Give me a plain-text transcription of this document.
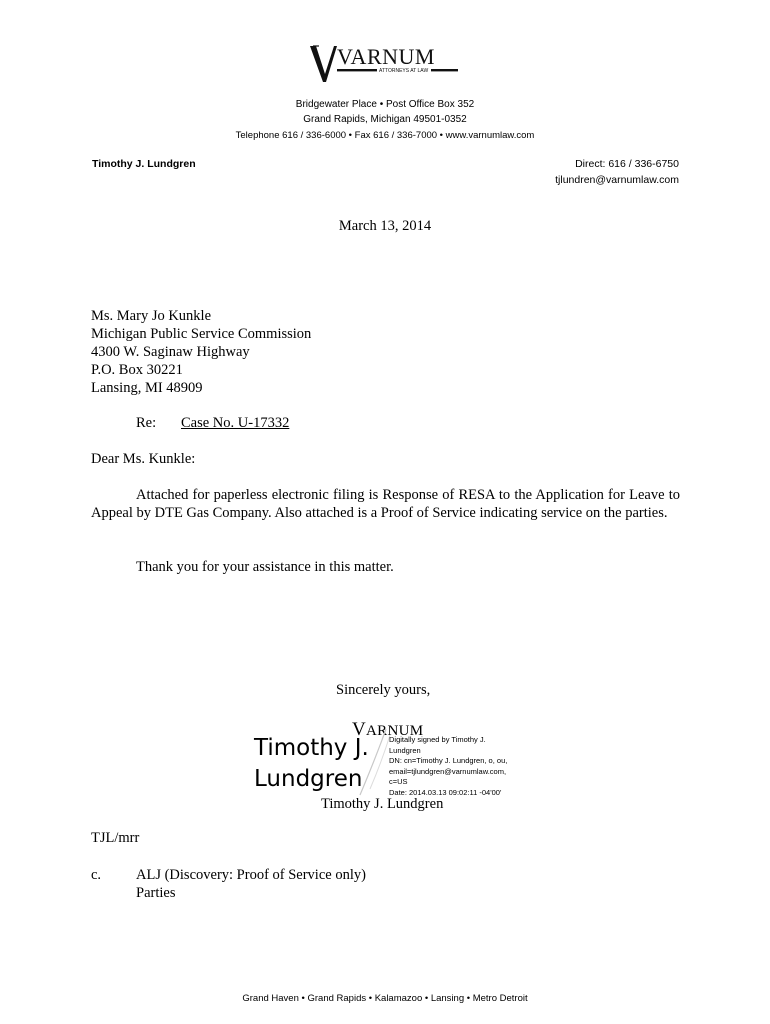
VARNUM
ATTORNEYS AT LAW
Bridgewater Place • Post Office Box 352
Grand Rapids, Michigan 49501-0352
Telephone 616 / 336-6000 • Fax 616 / 336-7000 • www.varnumlaw.com
Timothy J. Lundgren	Direct: 616 / 336-6750
tjlundren@varnumlaw.com
March 13, 2014
Ms. Mary Jo Kunkle
Michigan Public Service Commission
4300 W. Saginaw Highway
P.O. Box 30221
Lansing, MI 48909
Re: Case No. U-17332
Dear Ms. Kunkle:
Attached for paperless electronic filing is Response of RESA to the Application for Leave to Appeal by DTE Gas Company. Also attached is a Proof of Service indicating service on the parties.
Thank you for your assistance in this matter.
Sincerely yours,
VARNUM
Timothy J.
Lundgren
Digitally signed by Timothy J.
Lundgren
DN: cn=Timothy J. Lundgren, o, ou,
email=tjlundgren@varnumlaw.com,
c=US
Date: 2014.03.13 09:02:11 -04'00'
Timothy J. Lundgren
TJL/mrr
c. ALJ (Discovery: Proof of Service only)
Parties
Grand Haven • Grand Rapids • Kalamazoo • Lansing • Metro Detroit
